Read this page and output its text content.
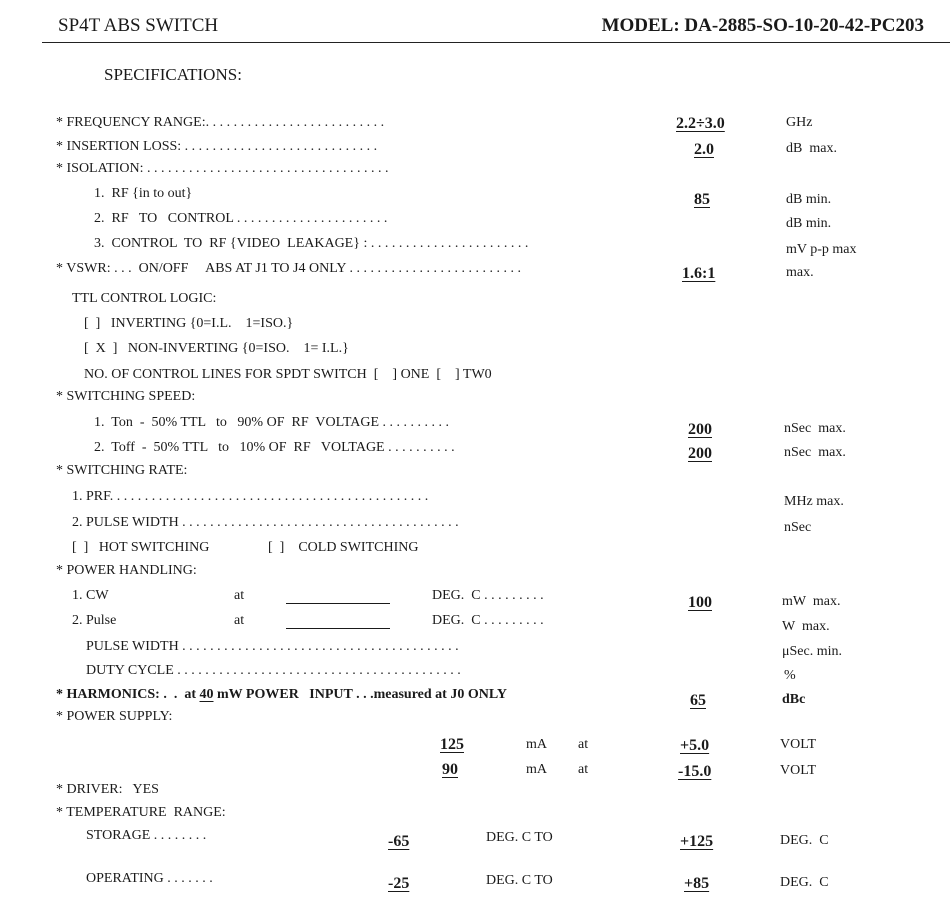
SP4T ABS SWITCH	MODEL: DA-2885-SO-10-20-42-PC203
SPECIFICATIONS:
* FREQUENCY RANGE:. . . . . . . . . . . . . . . . . . . . . . . . . .	2.2÷3.0	GHz
* INSERTION LOSS: . . . . . . . . . . . . . . . . . . . . . . . . . . . .	2.0	dB  max.
* ISOLATION: . . . . . . . . . . . . . . . . . . . . . . . . . . . . . . . . . . .
1.  RF {in to out}	85	dB min.
2.  RF   TO   CONTROL . . . . . . . . . . . . . . . . . . . . . .	dB min.
3.  CONTROL  TO  RF {VIDEO  LEAKAGE} : . . . . . . . . . . . . . . . . . . . . . . .	mV p-p max
* VSWR: . . .  ON/OFF     ABS AT J1 TO J4 ONLY . . . . . . . . . . . . . . . . . . . . . . . . .	1.6:1	max.
TTL CONTROL LOGIC:
[  ]   INVERTING {0=I.L.    1=ISO.}
[  X  ]   NON-INVERTING {0=ISO.    1= I.L.}
NO. OF CONTROL LINES FOR SPDT SWITCH  [    ] ONE  [    ] TW0
* SWITCHING SPEED:
1.  Ton  -  50% TTL   to   90% OF  RF  VOLTAGE . . . . . . . . . .	200	nSec  max.
2.  Toff  -  50% TTL   to   10% OF  RF   VOLTAGE . . . . . . . . . .	200	nSec  max.
* SWITCHING RATE:
1. PRF. . . . . . . . . . . . . . . . . . . . . . . . . . . . . . . . . . . . . . . . . . . . . .	MHz max.
2. PULSE WIDTH . . . . . . . . . . . . . . . . . . . . . . . . . . . . . . . . . . . . . . . .	nSec
[  ]   HOT SWITCHING	[  ]    COLD SWITCHING
* POWER HANDLING:
1. CW	at	DEG.  C . . . . . . . . .	100	mW  max.
2. Pulse	at	DEG.  C . . . . . . . . .	W  max.
PULSE WIDTH . . . . . . . . . . . . . . . . . . . . . . . . . . . . . . . . . . . . . . . .	μSec. min.
DUTY CYCLE . . . . . . . . . . . . . . . . . . . . . . . . . . . . . . . . . . . . . . . . .	%
* HARMONICS: .  .  at 40 mW POWER   INPUT . . .measured at J0 ONLY	65	dBc
* POWER SUPPLY:
125	mA at	+5.0	VOLT
90	mA at	-15.0	VOLT
* DRIVER:   YES
* TEMPERATURE  RANGE:
STORAGE . . . . . . . .	-65	DEG. C TO	+125	DEG.  C
OPERATING . . . . . . .	-25	DEG. C TO	+85	DEG.  C
